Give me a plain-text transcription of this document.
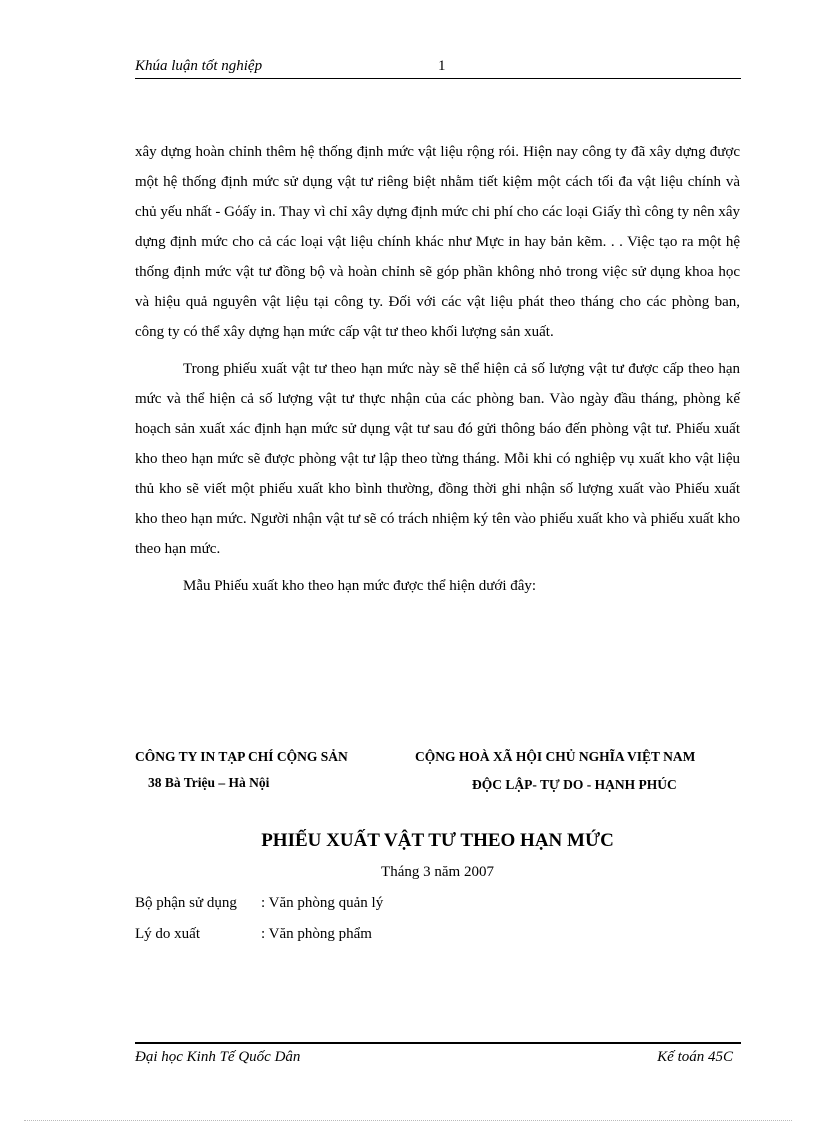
Khúa luận tốt nghiệp	1

xây dựng hoàn chỉnh thêm hệ thống định mức vật liệu rộng rói. Hiện nay công ty đã xây dựng được một hệ thống định mức sử dụng vật tư riêng biệt nhằm tiết kiệm một cách tối đa vật liệu chính và chủ yếu nhất - Gόấy in. Thay vì chỉ xây dựng định mức chi phí cho các loại Giấy thì công ty nên xây dựng định mức cho cả các loại vật liệu chính khác như Mực in hay bản kẽm. . . Việc tạo ra một hệ thống định mức vật tư đồng bộ và hoàn chỉnh sẽ góp phần không nhỏ trong việc sử dụng khoa học và hiệu quả nguyên vật liệu tại công ty. Đối với các vật liệu phát theo tháng cho các phòng ban, công ty có thể xây dựng hạn mức cấp vật tư theo khối lượng sản xuất.

Trong phiếu xuất vật tư theo hạn mức này sẽ thể hiện cả số lượng vật tư được cấp theo hạn mức và thể hiện cả số lượng vật tư thực nhận của các phòng ban. Vào ngày đầu tháng, phòng kế hoạch sản xuất xác định hạn mức sử dụng vật tư sau đó gửi thông báo đến phòng vật tư. Phiếu xuất kho theo hạn mức sẽ được phòng vật tư lập theo từng tháng. Mỗi khi có nghiệp vụ xuất kho vật liệu thủ kho sẽ viết một phiếu xuất kho bình thường, đồng thời ghi nhận số lượng xuất vào Phiếu xuất kho theo hạn mức. Người nhận vật tư sẽ có trách nhiệm ký tên vào phiếu xuất kho và phiếu xuất kho theo hạn mức.

Mẫu Phiếu xuất kho theo hạn mức được thể hiện dưới đây:

CÔNG TY IN TẠP CHÍ CỘNG SẢN
38 Bà Triệu – Hà Nội
CỘNG HOÀ XÃ HỘI CHỦ NGHĨA VIỆT NAM
ĐỘC LẬP- TỰ DO - HẠNH PHÚC
PHIẾU XUẤT VẬT TƯ THEO HẠN MỨC
Tháng 3 năm 2007
Bộ phận sử dụng : Văn phòng quản lý
Lý do xuất	: Văn phòng phẩm
Đại học Kinh Tế Quốc Dân	Kế toán 45C
